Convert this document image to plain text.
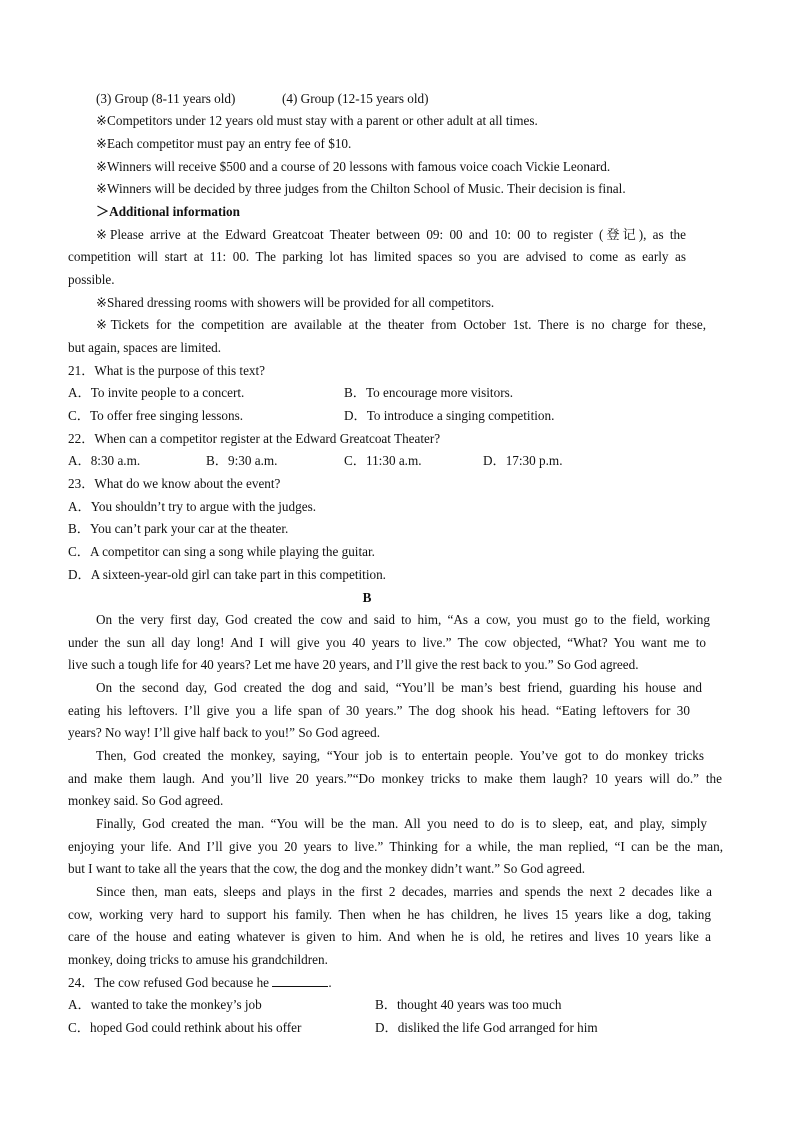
(3) Group (8-11 years old)	(4) Group (12-15 years old)
※Competitors under 12 years old must stay with a parent or other adult at all times.
※Each competitor must pay an entry fee of $10.
※Winners will receive $500 and a course of 20 lessons with famous voice coach Vickie Leonard.
※Winners will be decided by three judges from the Chilton School of Music. Their decision is final.
＞Additional information
※Please arrive at the Edward Greatcoat Theater between 09: 00 and 10: 00 to register (登记), as the
competition will start at 11: 00. The parking lot has limited spaces so you are advised to come as early as
possible.
※Shared dressing rooms with showers will be provided for all competitors.
※Tickets for the competition are available at the theater from October 1st. There is no charge for these,
but again, spaces are limited.
21．What is the purpose of this text?
A．To invite people to a concert.	B．To encourage more visitors.
C．To offer free singing lessons.	D．To introduce a singing competition.
22．When can a competitor register at the Edward Greatcoat Theater?
A．8:30 a.m.	B．9:30 a.m.	C．11:30 a.m.	D．17:30 p.m.
23．What do we know about the event?
A．You shouldn’t try to argue with the judges.
B．You can’t park your car at the theater.
C．A competitor can sing a song while playing the guitar.
D．A sixteen-year-old girl can take part in this competition.
B
On the very first day, God created the cow and said to him, “As a cow, you must go to the field, working
under the sun all day long! And I will give you 40 years to live.” The cow objected, “What? You want me to
live such a tough life for 40 years? Let me have 20 years, and I’ll give the rest back to you.” So God agreed.
On the second day, God created the dog and said, “You’ll be man’s best friend, guarding his house and
eating his leftovers. I’ll give you a life span of 30 years.” The dog shook his head. “Eating leftovers for 30
years? No way! I’ll give half back to you!” So God agreed.
Then, God created the monkey, saying, “Your job is to entertain people. You’ve got to do monkey tricks
and make them laugh. And you’ll live 20 years.”“Do monkey tricks to make them laugh? 10 years will do.” the
monkey said. So God agreed.
Finally, God created the man. “You will be the man. All you need to do is to sleep, eat, and play, simply
enjoying your life. And I’ll give you 20 years to live.” Thinking for a while, the man replied, “I can be the man,
but I want to take all the years that the cow, the dog and the monkey didn’t want.” So God agreed.
Since then, man eats, sleeps and plays in the first 2 decades, marries and spends the next 2 decades like a
cow, working very hard to support his family. Then when he has children, he lives 15 years like a dog, taking
care of the house and eating whatever is given to him. And when he is old, he retires and lives 10 years like a
monkey, doing tricks to amuse his grandchildren.
24．The cow refused God because he	.
A．wanted to take the monkey’s job	B．thought 40 years was too much
C．hoped God could rethink about his offer	D．disliked the life God arranged for him
